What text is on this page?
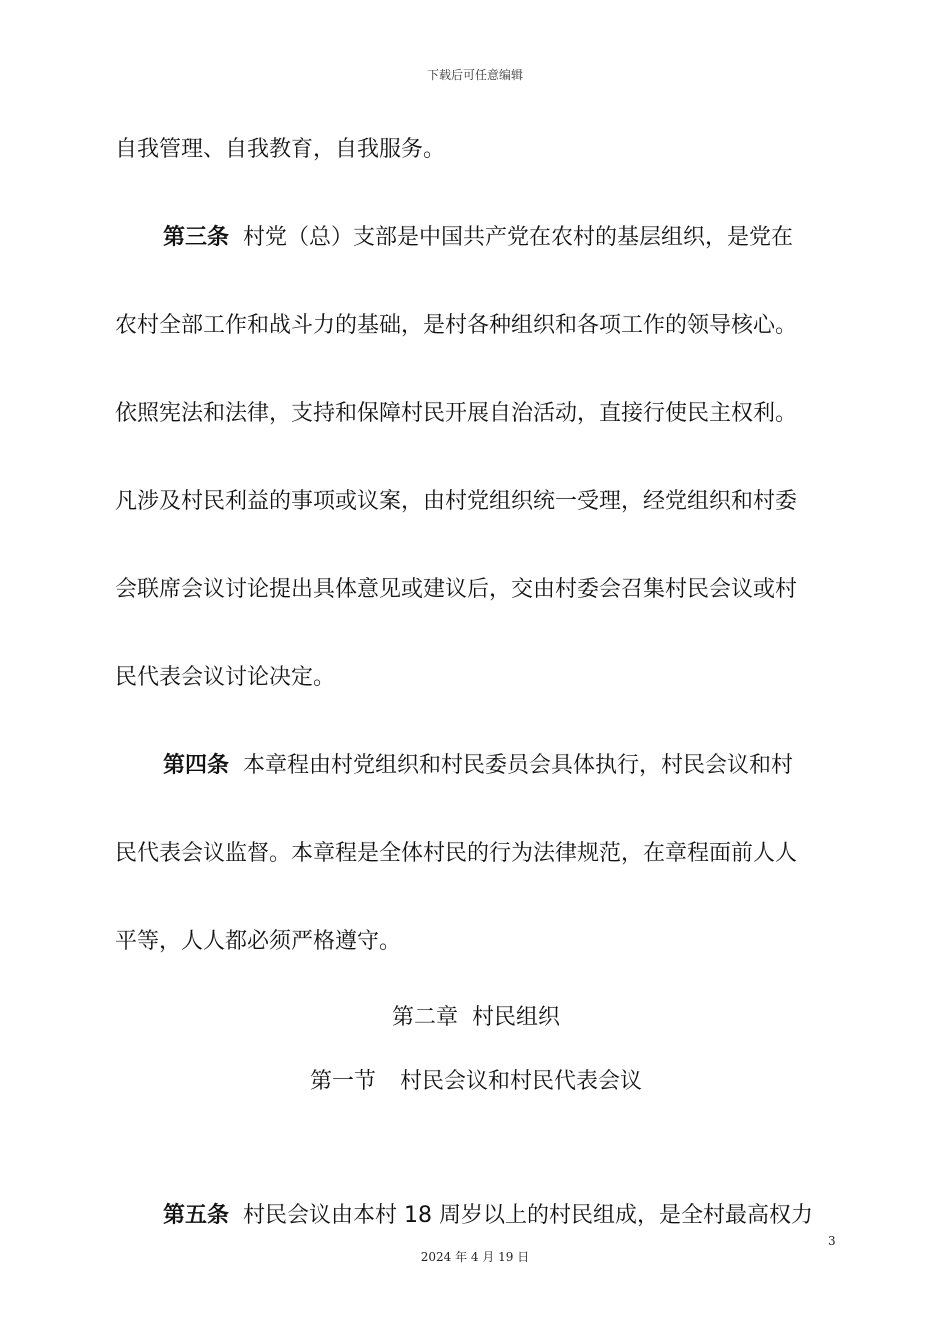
下载后可任意编辑
自我管理、自我教育，自我服务。
第三条 村党（总）支部是中国共产党在农村的基层组织，是党在
农村全部工作和战斗力的基础，是村各种组织和各项工作的领导核心。
依照宪法和法律，支持和保障村民开展自治活动，直接行使民主权利。
凡涉及村民利益的事项或议案，由村党组织统一受理，经党组织和村委
会联席会议讨论提出具体意见或建议后，交由村委会召集村民会议或村
民代表会议讨论决定。
第四条 本章程由村党组织和村民委员会具体执行，村民会议和村
民代表会议监督。本章程是全体村民的行为法律规范，在章程面前人人
平等，人人都必须严格遵守。
第二章 村民组织
第一节 村民会议和村民代表会议
第五条 村民会议由本村 18 周岁以上的村民组成，是全村最高权力
3
2024 年 4 月 19 日
